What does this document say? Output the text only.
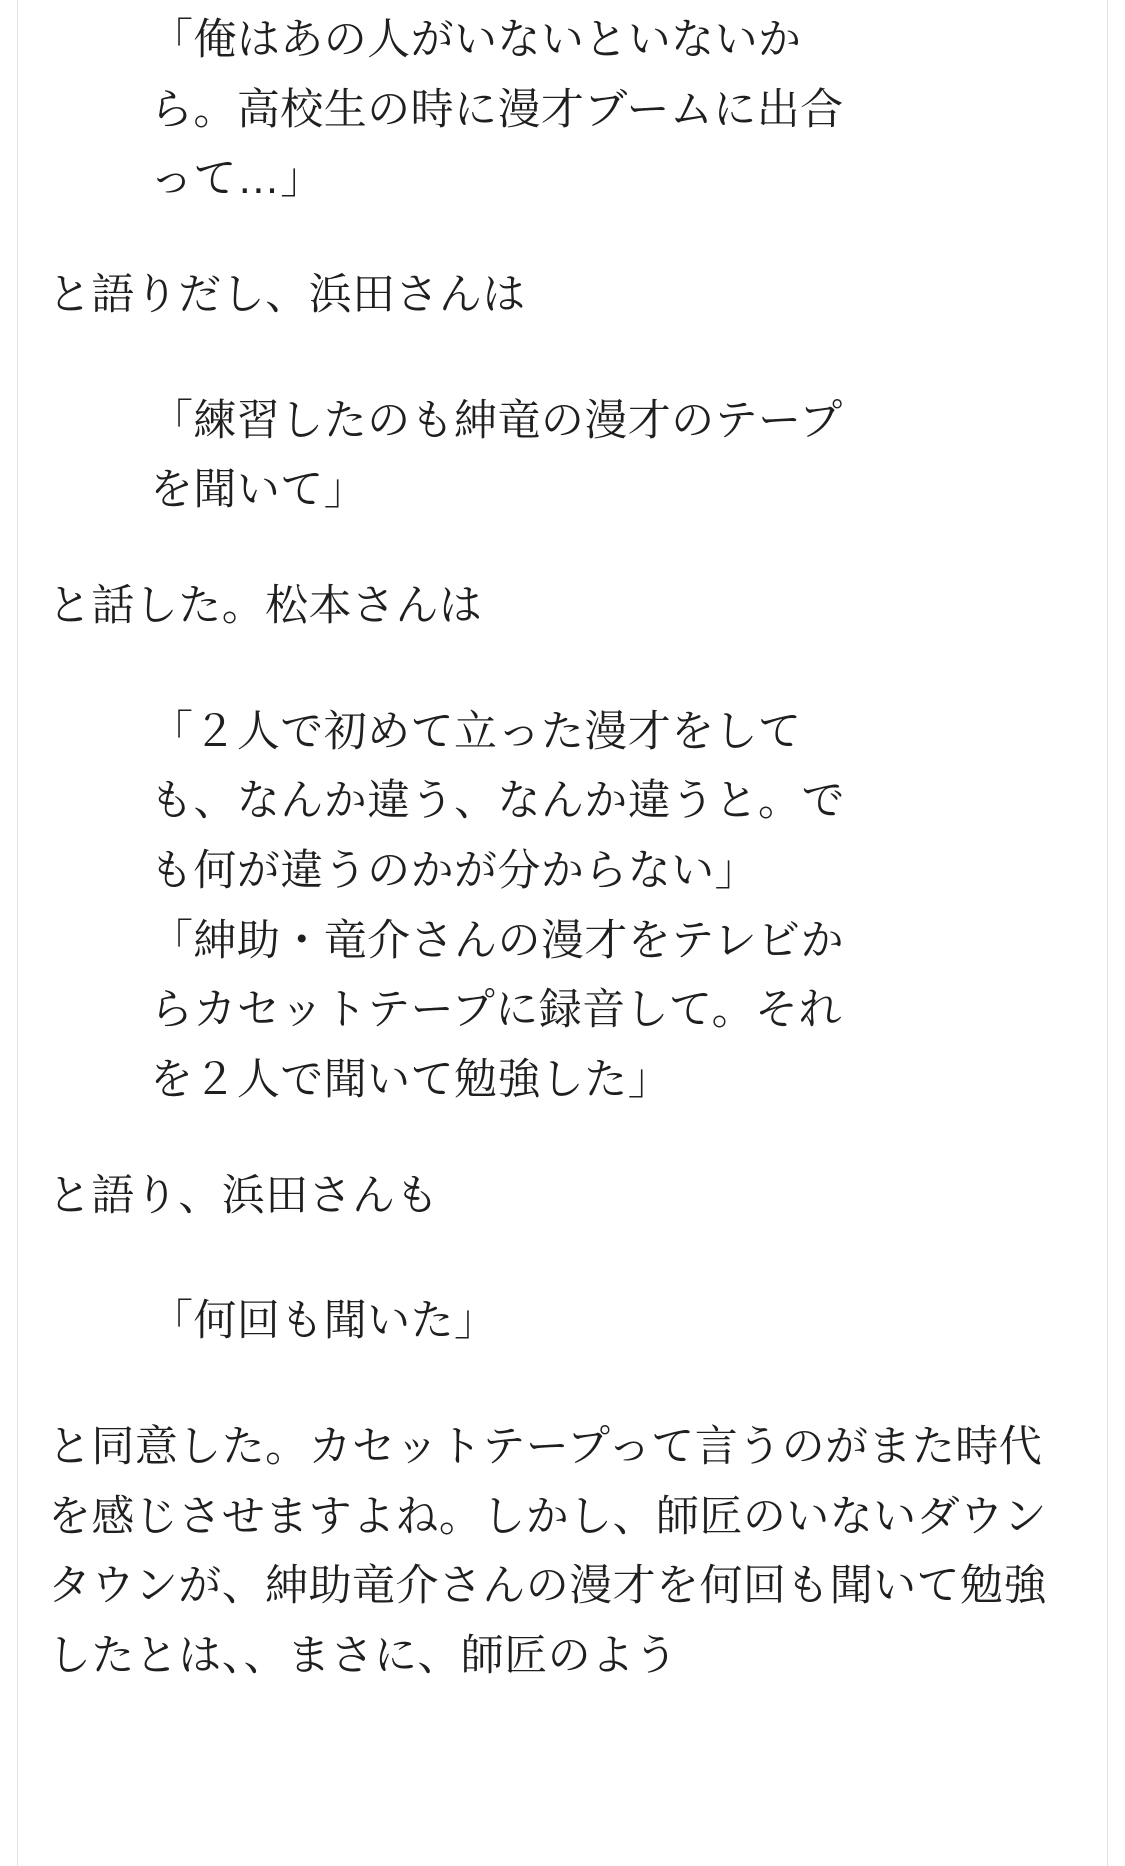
「俺はあの人がいないといないか

ら。高校生の時に漫才ブームに出合

って…」

と語りだし、浜田さんは

「練習したのも紳竜の漫才のテープ

を聞いて」

と話した。松本さんは

「２人で初めて立った漫才をして

も、なんか違う、なんか違うと。で

も何が違うのかが分からない」

「紳助・竜介さんの漫才をテレビか

らカセットテープに録音して。それ

を２人で聞いて勉強した」

と語り、浜田さんも

「何回も聞いた」

と同意した。カセットテープって言うのがまた時代を感じさせますよね。しかし、師匠のいないダウンタウンが、紳助竜介さんの漫才を何回も聞いて勉強したとは、、まさに、師匠のよう
